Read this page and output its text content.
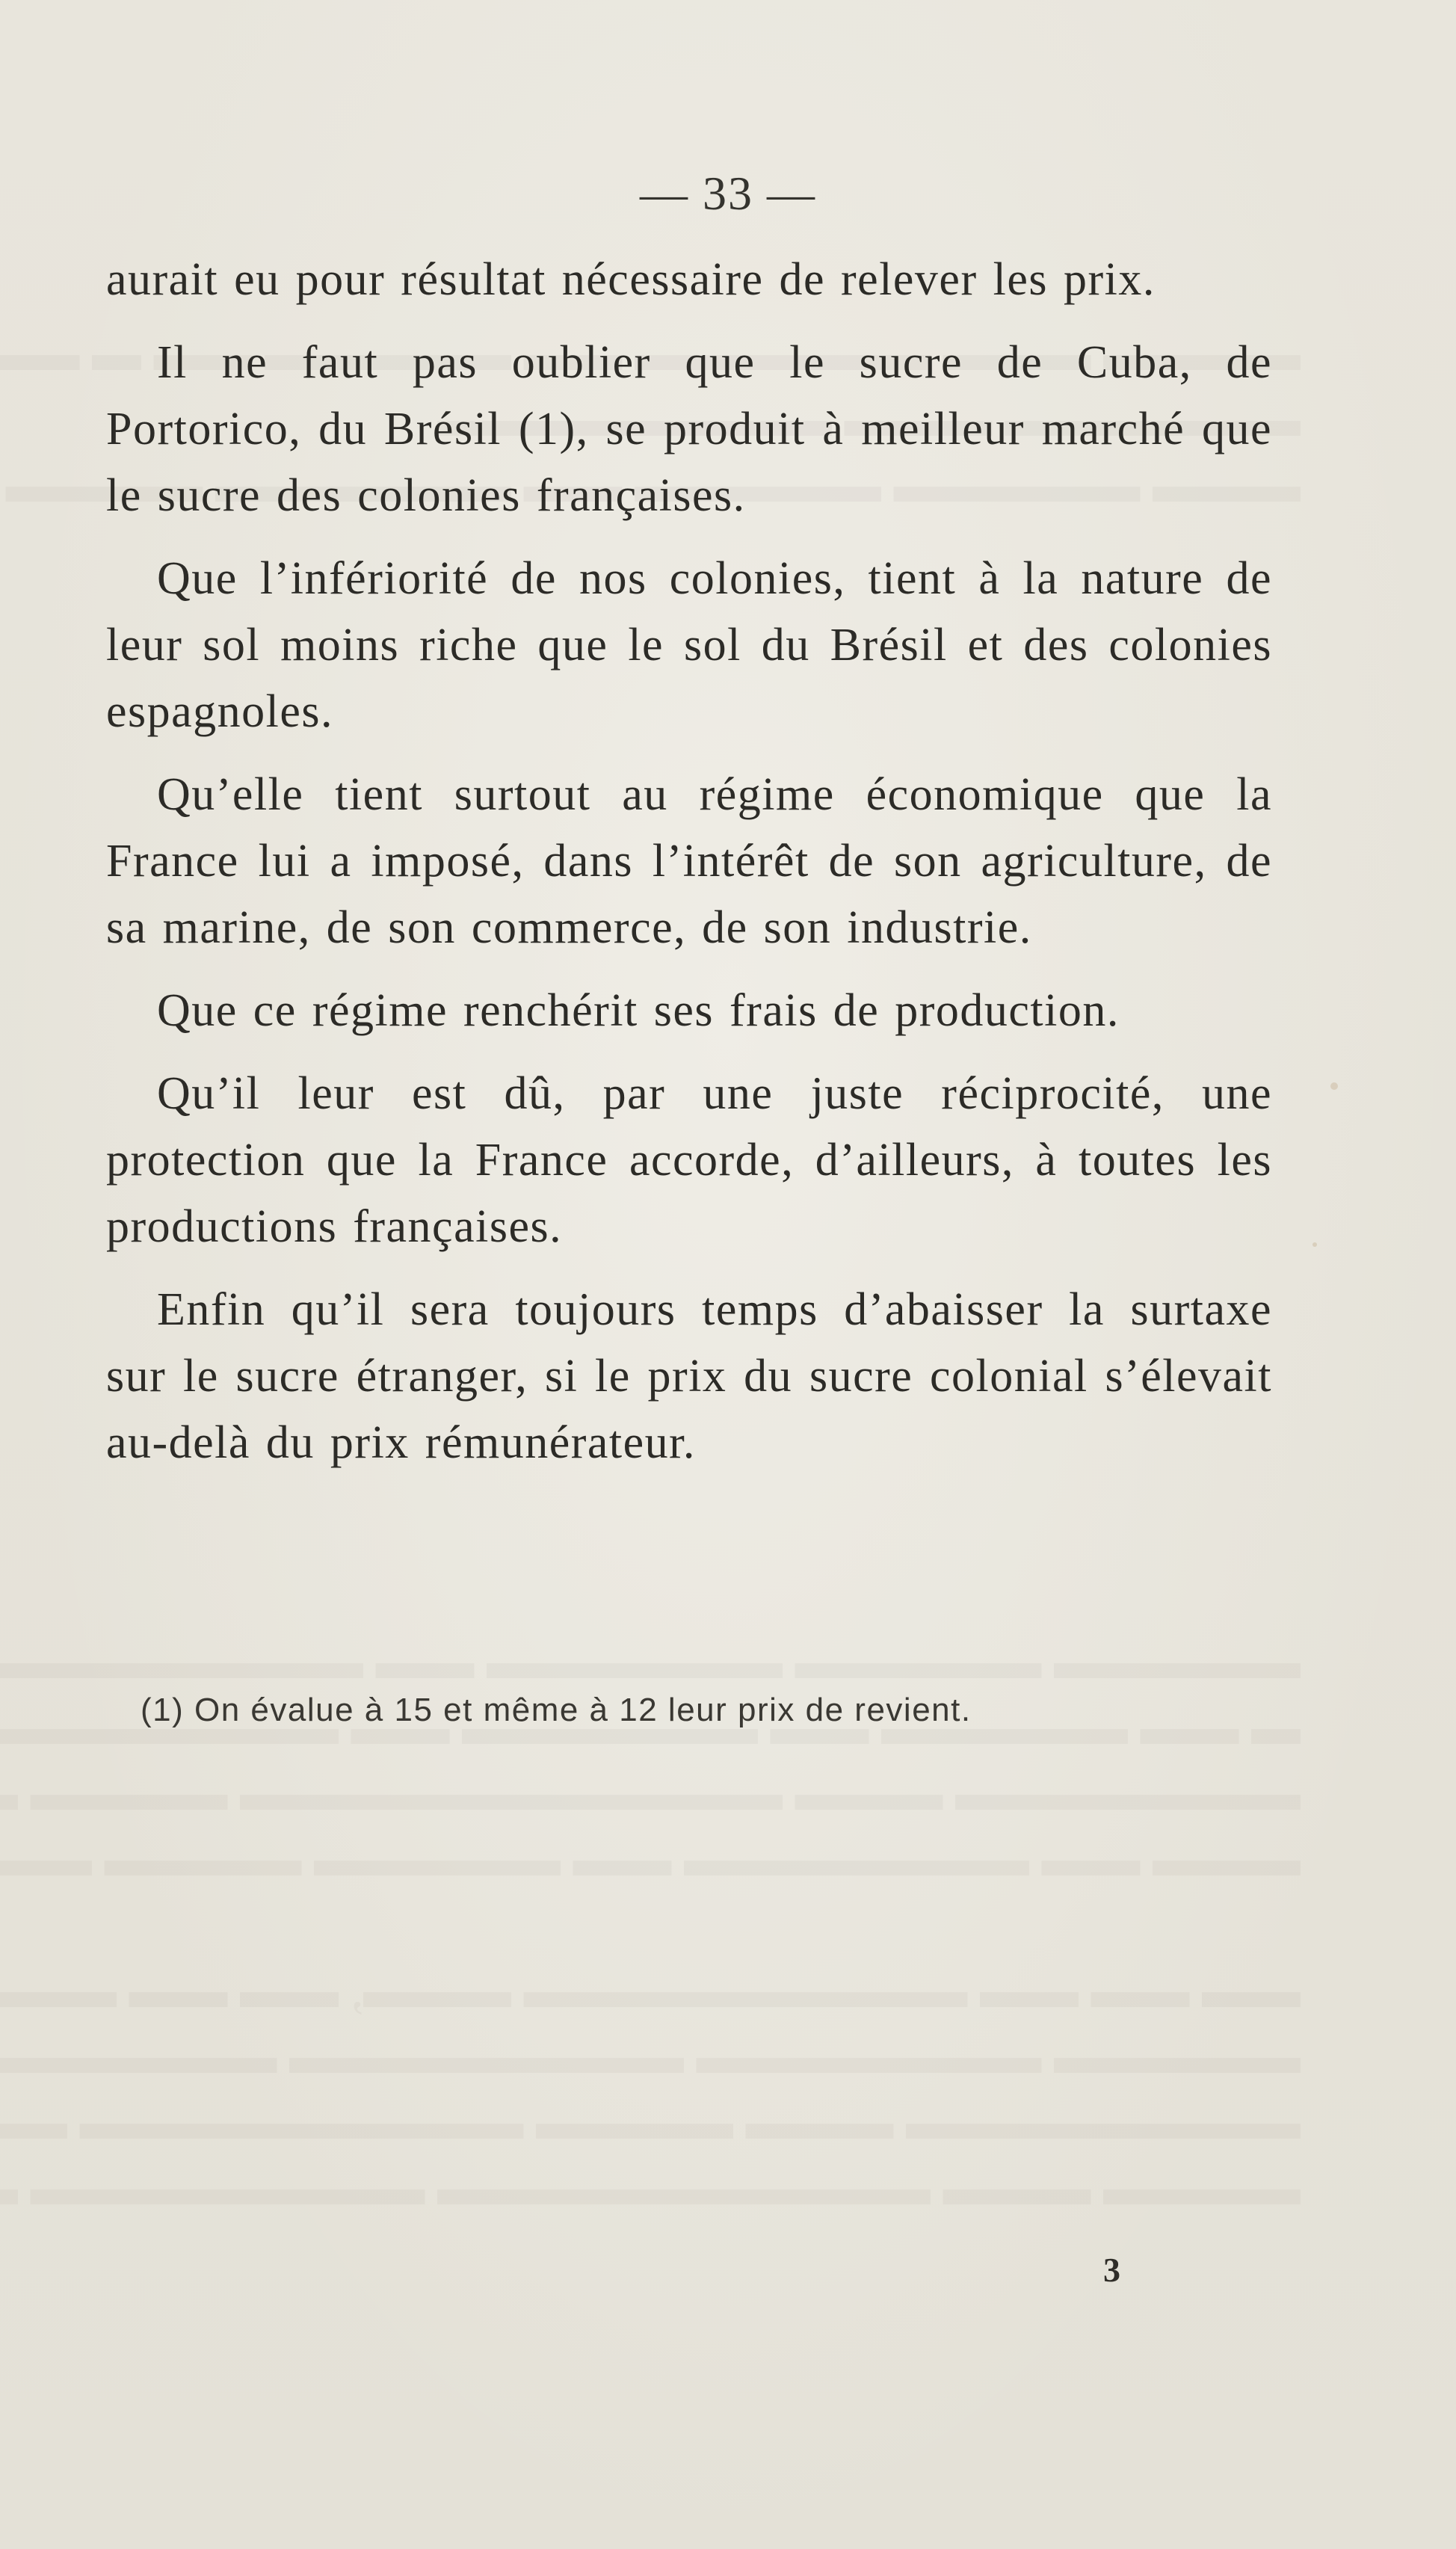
— 33 —

aurait eu pour résultat nécessaire de relever les prix.

Il ne faut pas oublier que le sucre de Cuba, de Portorico, du Brésil (1), se produit à meilleur marché que le sucre des colonies françaises.

Que l’infériorité de nos colonies, tient à la nature de leur sol moins riche que le sol du Brésil et des colonies espagnoles.

Qu’elle tient surtout au régime économique que la France lui a imposé, dans l’intérêt de son agriculture, de sa marine, de son commerce, de son industrie.

Que ce régime renchérit ses frais de production.

Qu’il leur est dû, par une juste réciprocité, une protection que la France accorde, d’ailleurs, à toutes les productions françaises.

Enfin qu’il sera toujours temps d’abaisser la surtaxe sur le sucre étranger, si le prix du sucre colonial s’élevait au-delà du prix rémunérateur.

(1) On évalue à 15 et même à 12 leur prix de revient.
3
